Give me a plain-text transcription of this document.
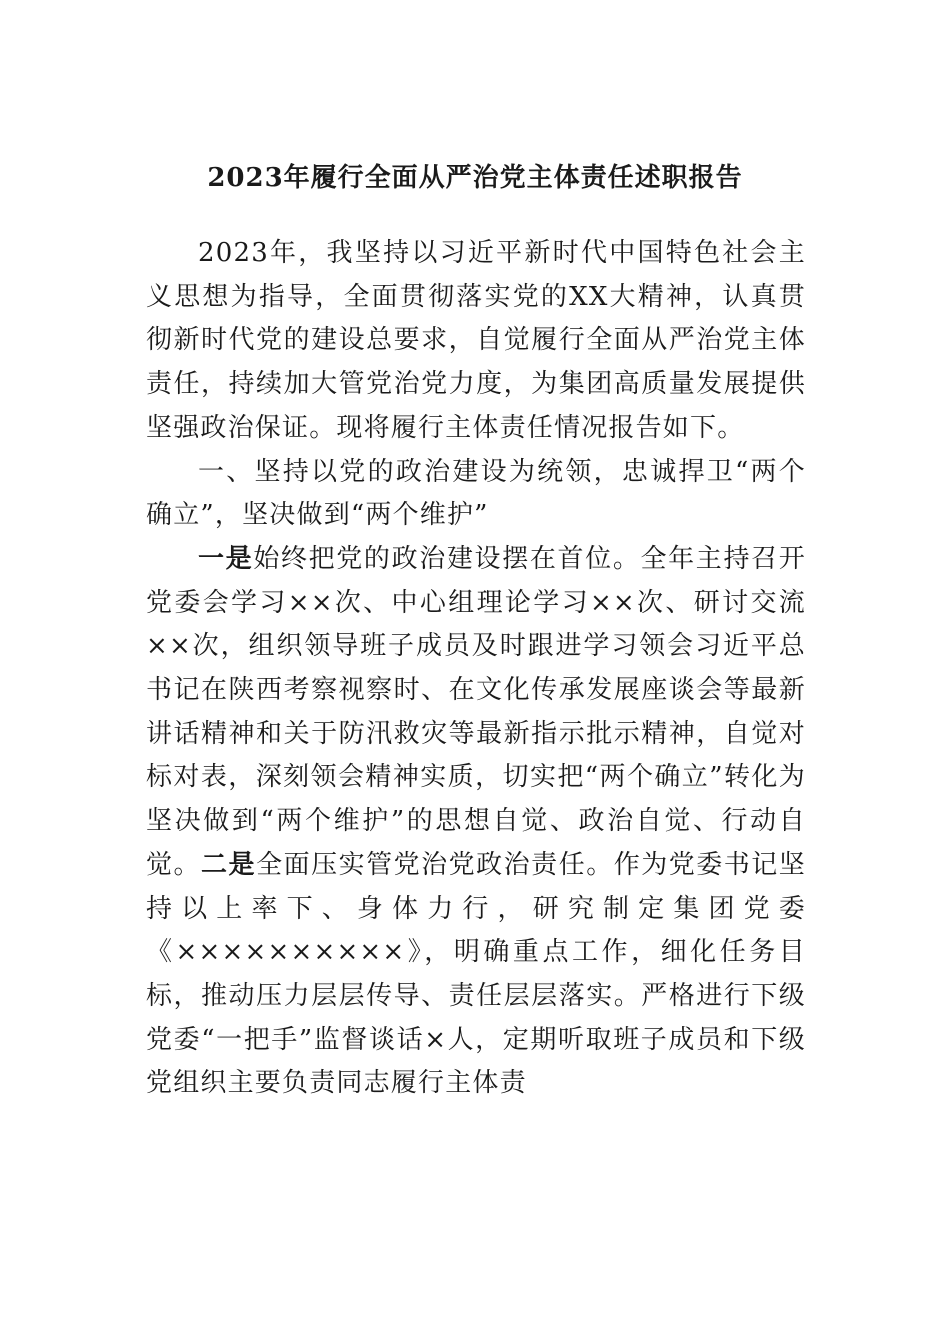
2023年履行全面从严治党主体责任述职报告

2023年，我坚持以习近平新时代中国特色社会主义思想为指导，全面贯彻落实党的XX大精神，认真贯彻新时代党的建设总要求，自觉履行全面从严治党主体责任，持续加大管党治党力度，为集团高质量发展提供坚强政治保证。现将履行主体责任情况报告如下。

一、坚持以党的政治建设为统领，忠诚捍卫“两个确立”，坚决做到“两个维护”

一是始终把党的政治建设摆在首位。全年主持召开党委会学习××次、中心组理论学习××次、研讨交流××次，组织领导班子成员及时跟进学习领会习近平总书记在陕西考察视察时、在文化传承发展座谈会等最新讲话精神和关于防汛救灾等最新指示批示精神，自觉对标对表，深刻领会精神实质，切实把“两个确立”转化为坚决做到“两个维护”的思想自觉、政治自觉、行动自觉。二是全面压实管党治党政治责任。作为党委书记坚持以上率下、身体力行，研究制定集团党委《××××××××××》，明确重点工作，细化任务目标，推动压力层层传导、责任层层落实。严格进行下级党委“一把手”监督谈话×人，定期听取班子成员和下级党组织主要负责同志履行主体责
